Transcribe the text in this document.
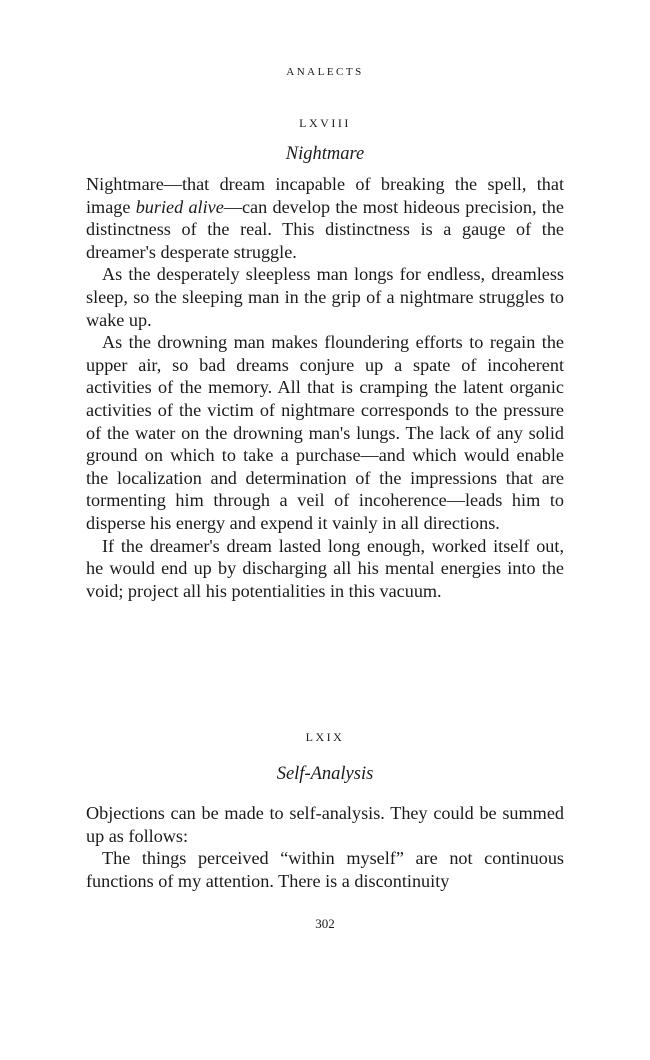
ANALECTS
LXVIII
Nightmare

Nightmare—that dream incapable of breaking the spell, that image buried alive—can develop the most hideous precision, the distinctness of the real. This distinctness is a gauge of the dreamer's desperate struggle.

As the desperately sleepless man longs for endless, dreamless sleep, so the sleeping man in the grip of a nightmare struggles to wake up.

As the drowning man makes floundering efforts to regain the upper air, so bad dreams conjure up a spate of incoherent activities of the memory. All that is cramping the latent organic activities of the victim of nightmare corresponds to the pressure of the water on the drowning man's lungs. The lack of any solid ground on which to take a purchase—and which would enable the localization and determination of the impressions that are tormenting him through a veil of incoherence—leads him to disperse his energy and expend it vainly in all directions.

If the dreamer's dream lasted long enough, worked itself out, he would end up by discharging all his mental energies into the void; project all his potentialities in this vacuum.

LXIX
Self-Analysis

Objections can be made to self-analysis. They could be summed up as follows:

The things perceived “within myself” are not continuous functions of my attention. There is a discontinuity

302
